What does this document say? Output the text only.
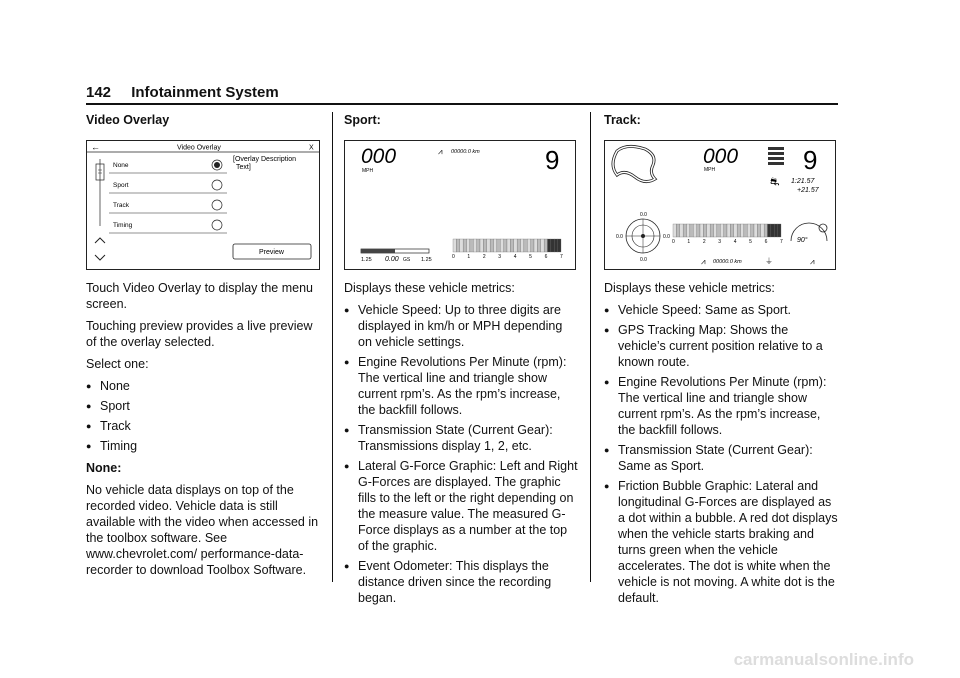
142 Infotainment System
Video Overlay
←	Video Overlay	X
None
Sport
Track
Timing
[Overlay Description
Text]
Preview

Touch Video Overlay to display the menu screen.

Touching preview provides a live preview of the overlay selected.

Select one:

● None
● Sport
● Track
● Timing

None:

No vehicle data displays on top of the recorded video. Vehicle data is still available with the video when accessed in the toolbox software. See www.chevrolet.com/ performance-data-recorder to download Toolbox Software.

Sport:
000
MPH
⩘ 00000.0 km	9
1.25 0.00 GS 1.25	0	1	2	3	4	5	6	7

Displays these vehicle metrics:

● Vehicle Speed: Up to three digits are displayed in km/h or MPH depending on vehicle settings.
● Engine Revolutions Per Minute (rpm): The vertical line and triangle show current rpm’s. As the rpm’s increase, the backfill follows.
● Transmission State (Current Gear): Transmissions display 1, 2, etc.
● Lateral G-Force Graphic: Left and Right G-Forces are displayed. The graphic fills to the left or the right depending on the measure value. The measured G-Force displays as a number at the top of the graphic.
● Event Odometer: This displays the distance driven since the recording began.
Track:
000
MPH	9
⛐ 1:21.57
+21.57
0.0
0.0	0.0
0.0
0	1	2	3	4	5	6	7 90°
⩘ 00000.0 km	⏚	⩘

Displays these vehicle metrics:

● Vehicle Speed: Same as Sport.
● GPS Tracking Map: Shows the vehicle’s current position relative to a known route.
● Engine Revolutions Per Minute (rpm): The vertical line and triangle show current rpm’s. As the rpm’s increase, the backfill follows.
● Transmission State (Current Gear): Same as Sport.
● Friction Bubble Graphic: Lateral and longitudinal G-Forces are displayed as a dot within a bubble. A red dot displays when the vehicle starts braking and turns green when the vehicle accelerates. The dot is white when the vehicle is not moving. A white dot is the default.
carmanualsonline.info
